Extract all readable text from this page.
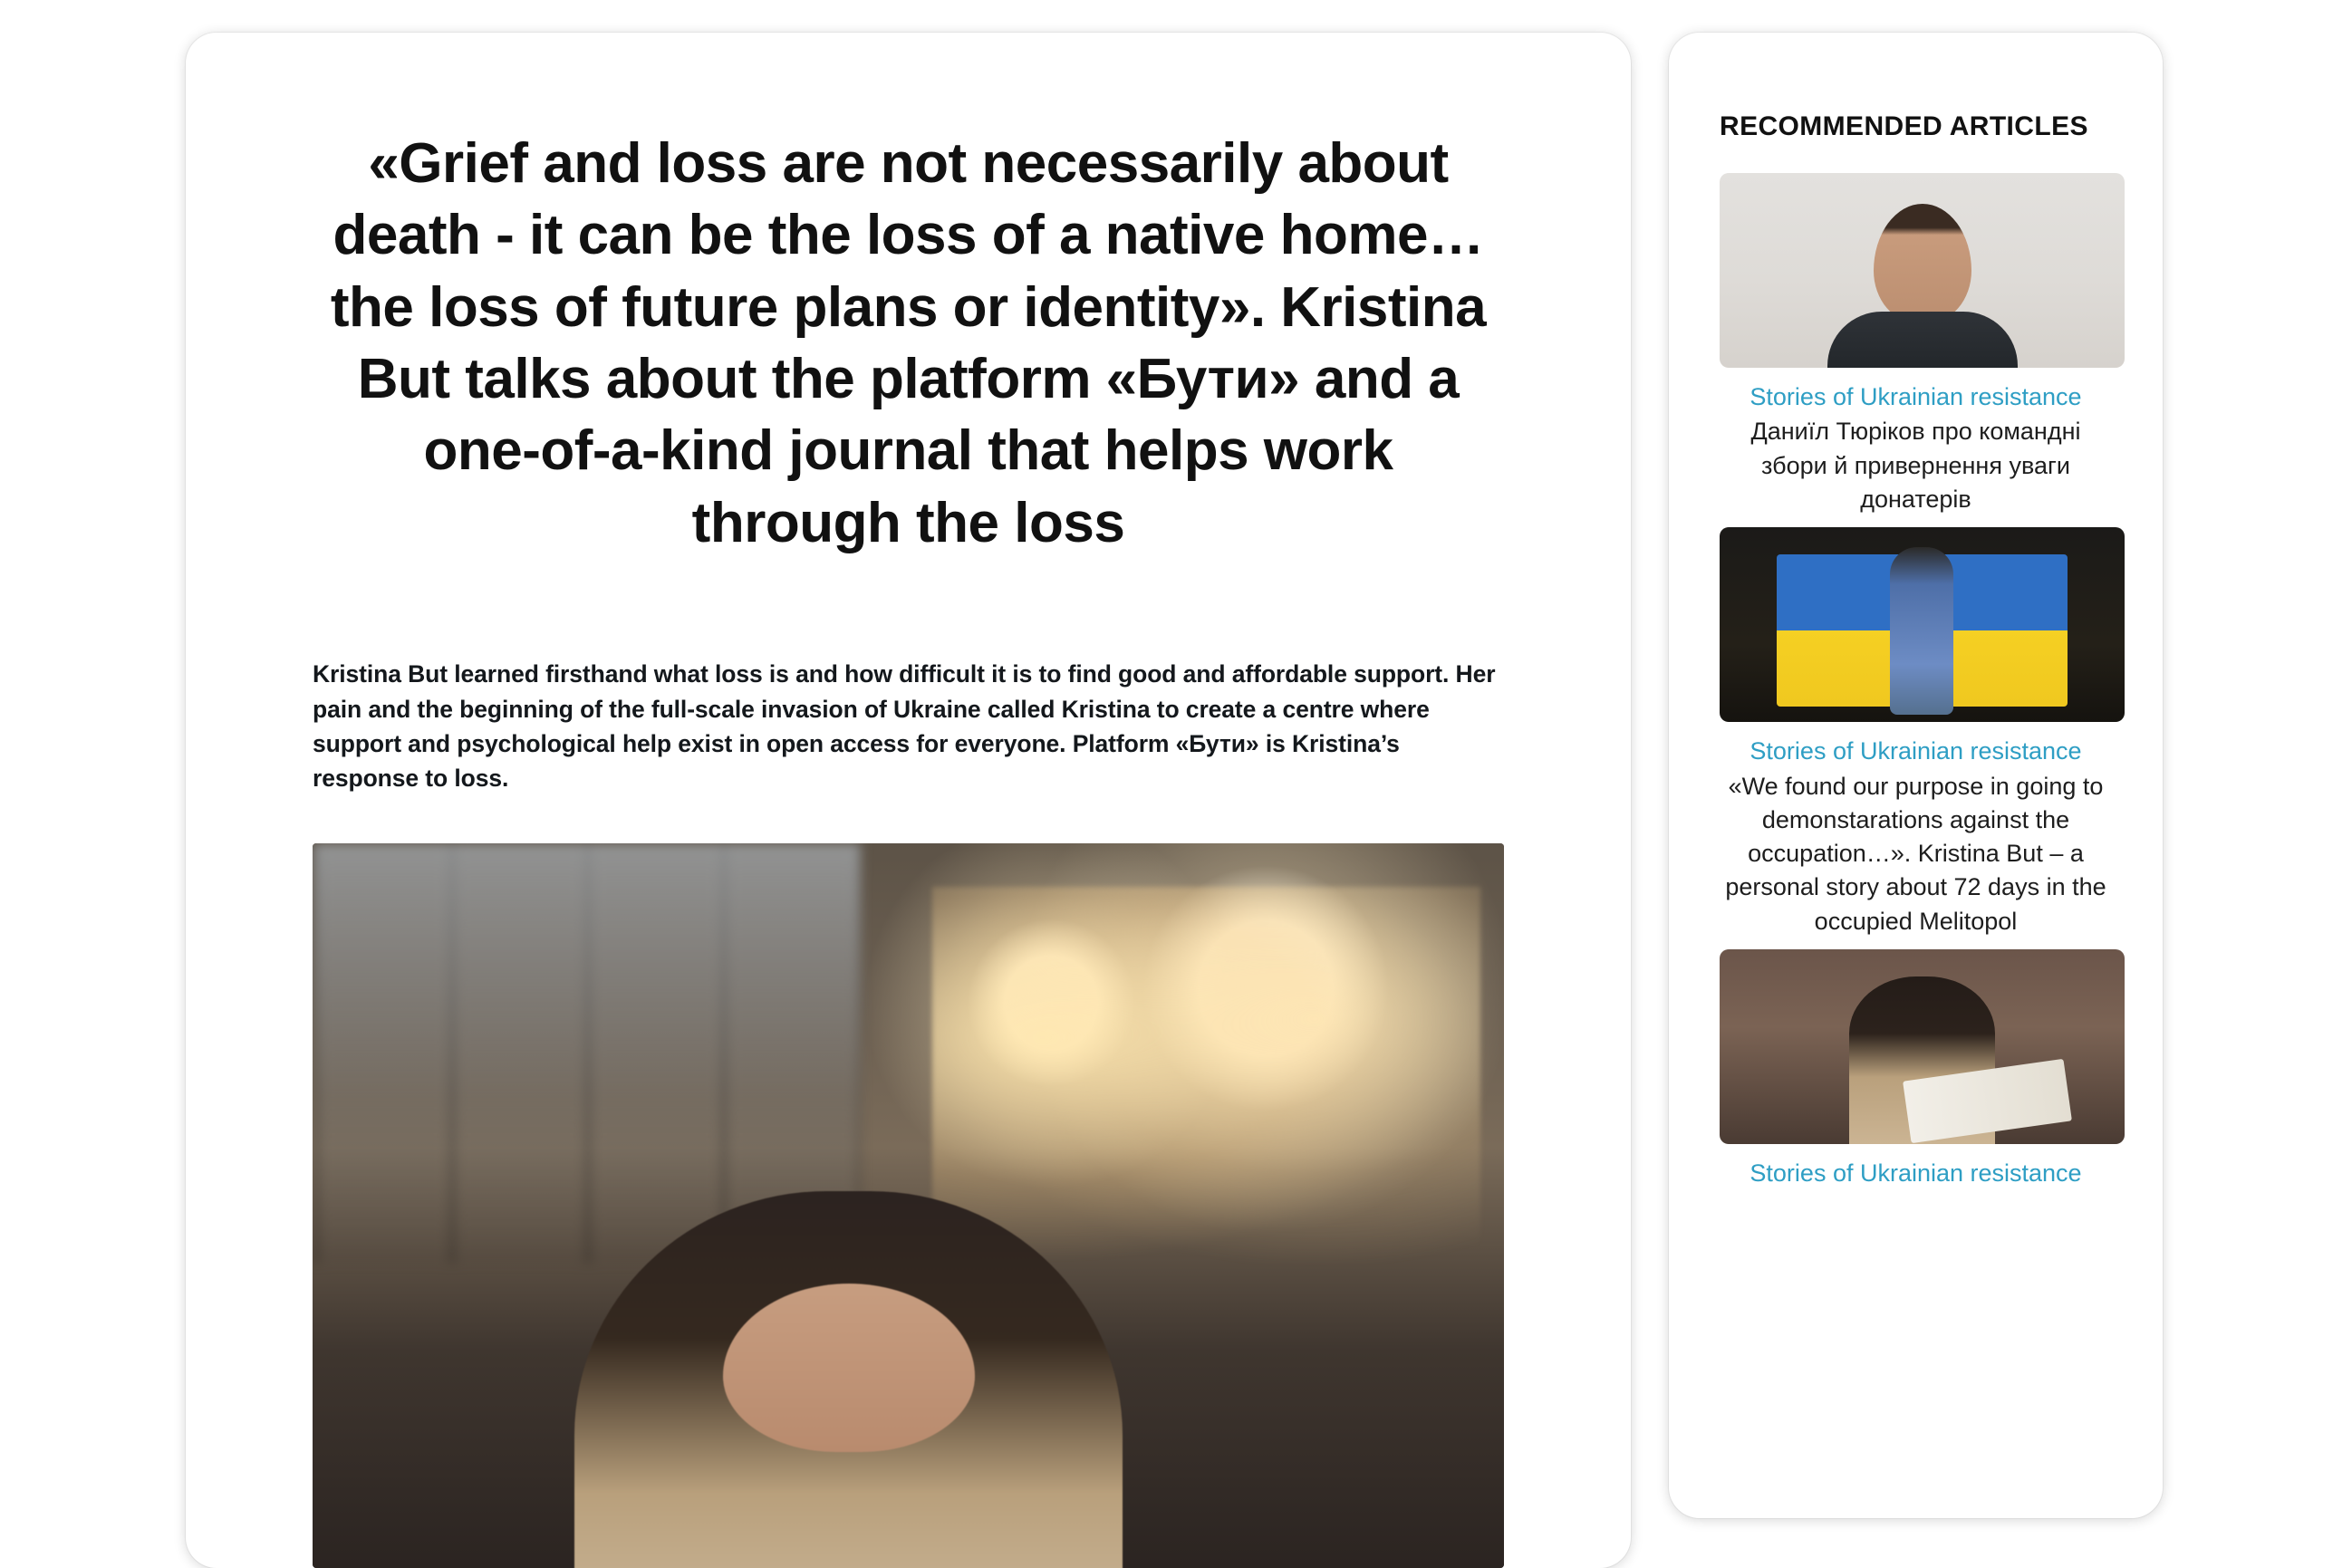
«Grief and loss are not necessarily about death - it can be the loss of a native home… the loss of future plans or identity». Kristina But talks about the platform «Бути» and a one-of-a-kind journal that helps work through the loss

Kristina But learned firsthand what loss is and how difficult it is to find good and affordable support. Her pain and the beginning of the full-scale invasion of Ukraine called Kristina to create a centre where support and psychological help exist in open access for everyone. Platform «Бути» is Kristina’s response to loss.

RECOMMENDED ARTICLES
Stories of Ukrainian resistance
Даниїл Тюріков про командні збори й привернення уваги донатерів
Stories of Ukrainian resistance
«We found our purpose in going to demonstarations against the occupation…». Kristina But – a personal story about 72 days in the occupied Melitopol
Stories of Ukrainian resistance
